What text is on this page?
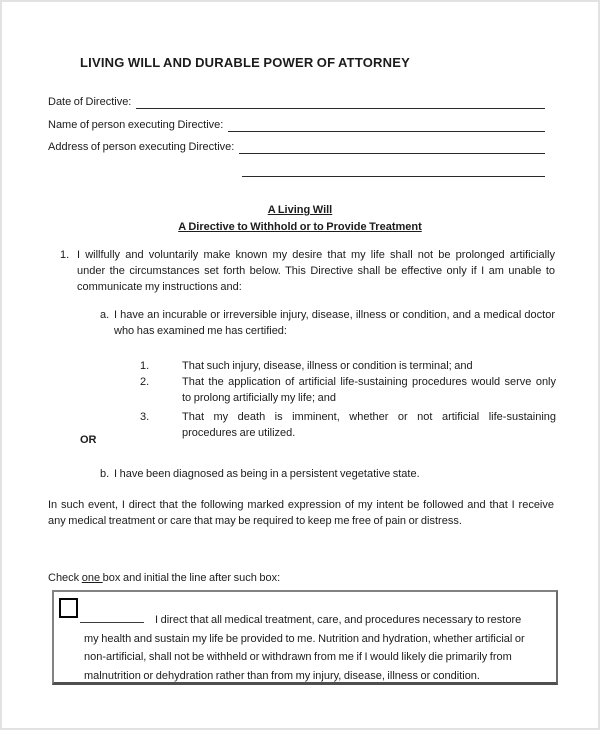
LIVING WILL AND DURABLE POWER OF ATTORNEY
Date of Directive:
Name of person executing Directive:
Address of person executing Directive:
A Living Will
A Directive to Withhold or to Provide Treatment
1. I willfully and voluntarily make known my desire that my life shall not be prolonged artificially
under the circumstances set forth below. This Directive shall be effective only if I am unable to
communicate my instructions and:
a. I have an incurable or irreversible injury, disease, illness or condition, and a medical doctor
who has examined me has certified:
1.	That such injury, disease, illness or condition is terminal; and
2.	That the application of artificial life-sustaining procedures would serve only
to prolong artificially my life; and
3.	That my death is imminent, whether or not artificial life-sustaining
procedures are utilized.
OR
b. I have been diagnosed as being in a persistent vegetative state.
In such event, I direct that the following marked expression of my intent be followed and that I receive
any medical treatment or care that may be required to keep me free of pain or distress.
Check one box and initial the line after such box:
I direct that all medical treatment, care, and procedures necessary to restore
my health and sustain my life be provided to me. Nutrition and hydration, whether artificial or
non-artificial, shall not be withheld or withdrawn from me if I would likely die primarily from
malnutrition or dehydration rather than from my injury, disease, illness or condition.
